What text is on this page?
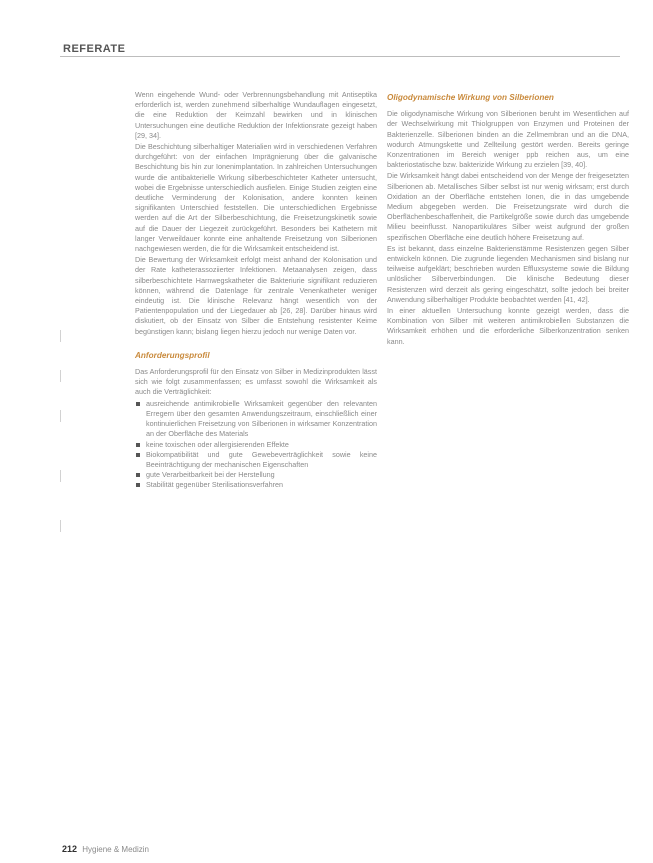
REFERATE

Wenn eingehende Wund- oder Verbrennungsbehandlung mit Antiseptika erforderlich ist, werden zunehmend silberhaltige Wundauflagen eingesetzt, die eine Reduktion der Keimzahl bewirken und in klinischen Untersuchungen eine deutliche Reduktion der Infektionsrate gezeigt haben [29, 34].

Die Beschichtung silberhaltiger Materialien wird in verschiedenen Verfahren durchgeführt: von der einfachen Imprägnierung über die galvanische Beschichtung bis hin zur Ionenimplantation. In zahlreichen Untersuchungen wurde die antibakterielle Wirkung silberbeschichteter Katheter untersucht, wobei die Ergebnisse unterschiedlich ausfielen. Einige Studien zeigten eine deutliche Verminderung der Kolonisation, andere konnten keinen signifikanten Unterschied feststellen. Die unterschiedlichen Ergebnisse werden auf die Art der Silberbeschichtung, die Freisetzungskinetik sowie auf die Dauer der Liegezeit zurückgeführt. Besonders bei Kathetern mit langer Verweildauer konnte eine anhaltende Freisetzung von Silberionen nachgewiesen werden, die für die Wirksamkeit entscheidend ist.

Die Bewertung der Wirksamkeit erfolgt meist anhand der Kolonisation und der Rate katheterassoziierter Infektionen. Metaanalysen zeigen, dass silberbeschichtete Harnwegskatheter die Bakteriurie signifikant reduzieren können, während die Datenlage für zentrale Venenkatheter weniger eindeutig ist. Die klinische Relevanz hängt wesentlich von der Patientenpopulation und der Liegedauer ab [26, 28]. Darüber hinaus wird diskutiert, ob der Einsatz von Silber die Entstehung resistenter Keime begünstigen kann; bislang liegen hierzu jedoch nur wenige Daten vor.

Anforderungsprofil

Das Anforderungsprofil für den Einsatz von Silber in Medizinprodukten lässt sich wie folgt zusammenfassen; es umfasst sowohl die Wirksamkeit als auch die Verträglichkeit:

ausreichende antimikrobielle Wirksamkeit gegenüber den relevanten Erregern über den gesamten Anwendungszeitraum, einschließlich einer kontinuierlichen Freisetzung von Silberionen in wirksamer Konzentration an der Oberfläche des Materials
keine toxischen oder allergisierenden Effekte
Biokompatibilität und gute Gewebeverträglichkeit sowie keine Beeinträchtigung der mechanischen Eigenschaften
gute Verarbeitbarkeit bei der Herstellung
Stabilität gegenüber Sterilisationsverfahren
Oligodynamische Wirkung von Silberionen

Die oligodynamische Wirkung von Silberionen beruht im Wesentlichen auf der Wechselwirkung mit Thiolgruppen von Enzymen und Proteinen der Bakterienzelle. Silberionen binden an die Zellmembran und an die DNA, wodurch Atmungskette und Zellteilung gestört werden. Bereits geringe Konzentrationen im Bereich weniger ppb reichen aus, um eine bakteriostatische bzw. bakterizide Wirkung zu erzielen [39, 40].

Die Wirksamkeit hängt dabei entscheidend von der Menge der freigesetzten Silberionen ab. Metallisches Silber selbst ist nur wenig wirksam; erst durch Oxidation an der Oberfläche entstehen Ionen, die in das umgebende Medium abgegeben werden. Die Freisetzungsrate wird durch die Oberflächenbeschaffenheit, die Partikelgröße sowie durch das umgebende Milieu beeinflusst. Nanopartikuläres Silber weist aufgrund der großen spezifischen Oberfläche eine deutlich höhere Freisetzung auf.

Es ist bekannt, dass einzelne Bakterienstämme Resistenzen gegen Silber entwickeln können. Die zugrunde liegenden Mechanismen sind bislang nur teilweise aufgeklärt; beschrieben wurden Effluxsysteme sowie die Bildung unlöslicher Silberverbindungen. Die klinische Bedeutung dieser Resistenzen wird derzeit als gering eingeschätzt, sollte jedoch bei breiter Anwendung silberhaltiger Produkte beobachtet werden [41, 42].

In einer aktuellen Untersuchung konnte gezeigt werden, dass die Kombination von Silber mit weiteren antimikrobiellen Substanzen die Wirksamkeit erhöhen und die erforderliche Silberkonzentration senken kann.

212 Hygiene & Medizin
